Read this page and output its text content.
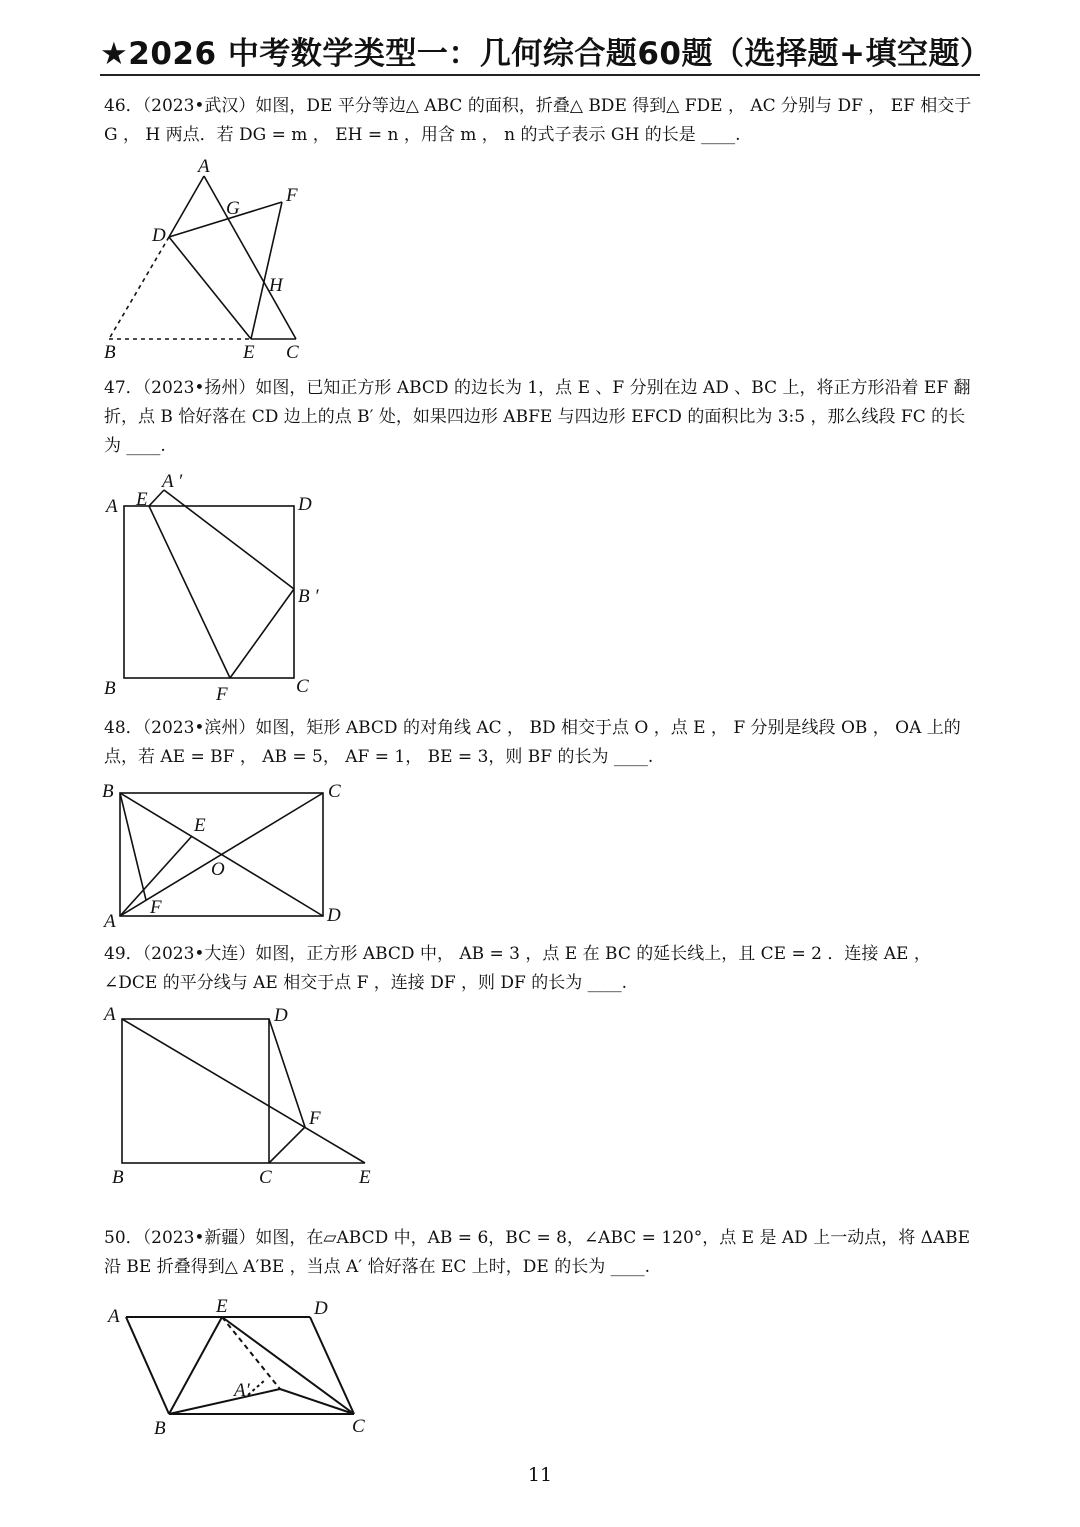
★2026 中考数学类型一：几何综合题60题（选择题+填空题）

46．（2023•武汉）如图，DE 平分等边△ ABC 的面积，折叠△ BDE 得到△ FDE ， AC 分别与 DF ， EF 相交于 G ， H 两点．若 DG = m ， EH = n ，用含 m ， n 的式子表示 GH 的长是 ____.

A
G
F
D
H
B	E C

47．（2023•扬州）如图，已知正方形 ABCD 的边长为 1，点 E 、F 分别在边 AD 、BC 上，将正方形沿着 EF 翻折，点 B 恰好落在 CD 边上的点 B′ 处，如果四边形 ABFE 与四边形 EFCD 的面积比为 3:5 ，那么线段 FC 的长为 ____.

A E
A ′
D
B ′
B	F	C

48．（2023•滨州）如图，矩形 ABCD 的对角线 AC ， BD 相交于点 O ，点 E ， F 分别是线段 OB ， OA 上的点，若 AE = BF ， AB = 5， AF = 1， BE = 3，则 BF 的长为 ____.

B	C
E
O
F
A	D

49．（2023•大连）如图，正方形 ABCD 中， AB = 3 ，点 E 在 BC 的延长线上，且 CE = 2 ．连接 AE ， ∠DCE 的平分线与 AE 相交于点 F ，连接 DF ，则 DF 的长为 ____.

A	D
F
B	C	E

50．（2023•新疆）如图，在▱ABCD 中，AB = 6，BC = 8，∠ABC = 120°，点 E 是 AD 上一动点，将 ΔABE 沿 BE 折叠得到△ A′BE ，当点 A′ 恰好落在 EC 上时，DE 的长为 ____.

A	E	D
A′
B	C
11
